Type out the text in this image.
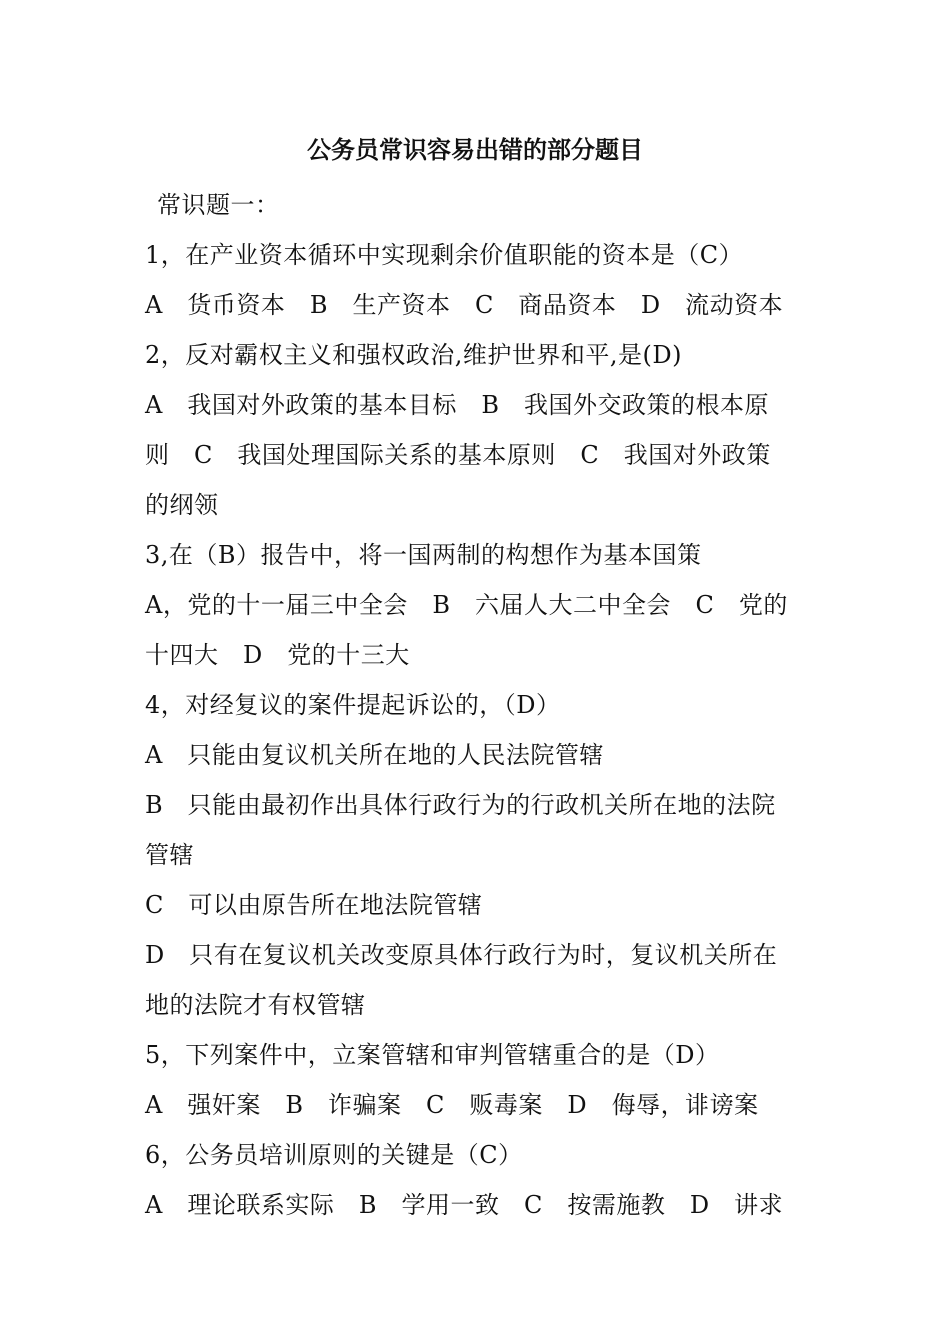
公务员常识容易出错的部分题目
常识题一：
1，在产业资本循环中实现剩余价值职能的资本是（C）
A　货币资本　B　生产资本　C　商品资本　D　流动资本
2，反对霸权主义和强权政治,维护世界和平,是(D)
A　我国对外政策的基本目标　B　我国外交政策的根本原
则　C　我国处理国际关系的基本原则　C　我国对外政策
的纲领
3,在（B）报告中，将一国两制的构想作为基本国策
A，党的十一届三中全会　B　六届人大二中全会　C　党的
十四大　D　党的十三大
4，对经复议的案件提起诉讼的，（D）
A　只能由复议机关所在地的人民法院管辖
B　只能由最初作出具体行政行为的行政机关所在地的法院
管辖
C　可以由原告所在地法院管辖
D　只有在复议机关改变原具体行政行为时，复议机关所在
地的法院才有权管辖
5，下列案件中，立案管辖和审判管辖重合的是（D）
A　强奸案　B　诈骗案　C　贩毒案　D　侮辱，诽谤案
6，公务员培训原则的关键是（C）
A　理论联系实际　B　学用一致　C　按需施教　D　讲求
